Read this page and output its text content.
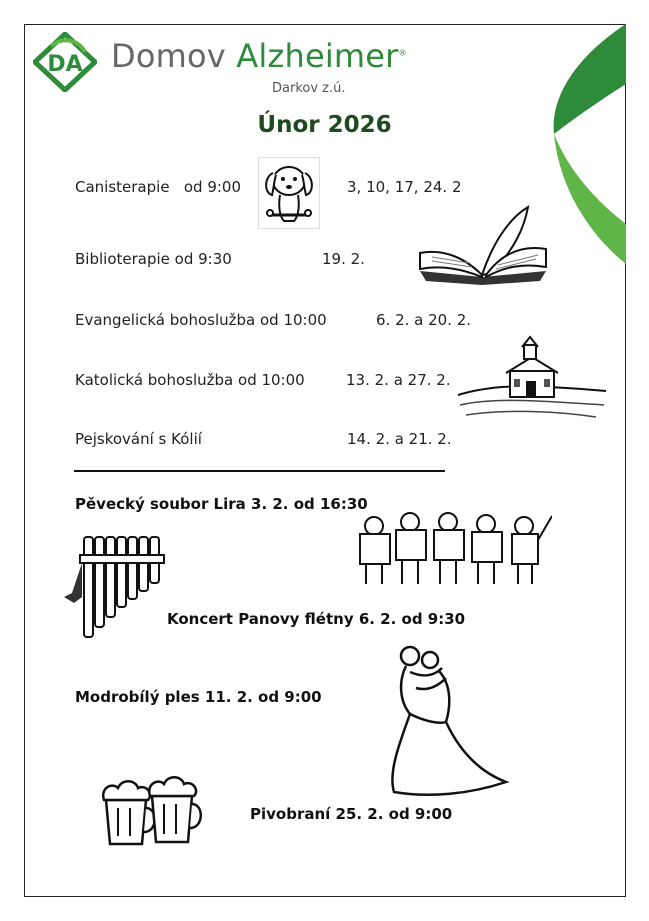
DA Domov Alzheimer®
Darkov z.ú.
Únor 2026
Canisterapie od 9:00	3, 10, 17, 24. 2
Biblioterapie od 9:30	19. 2.
Evangelická bohoslužba od 10:00	6. 2. a 20. 2.
Katolická bohoslužba od 10:00	13. 2. a 27. 2.
Pejskování s Kólií	14. 2. a 21. 2.
Pěvecký soubor Lira 3. 2. od 16:30
Koncert Panovy flétny 6. 2. od 9:30
Modrobílý ples 11. 2. od 9:00
Pivobraní 25. 2. od 9:00
